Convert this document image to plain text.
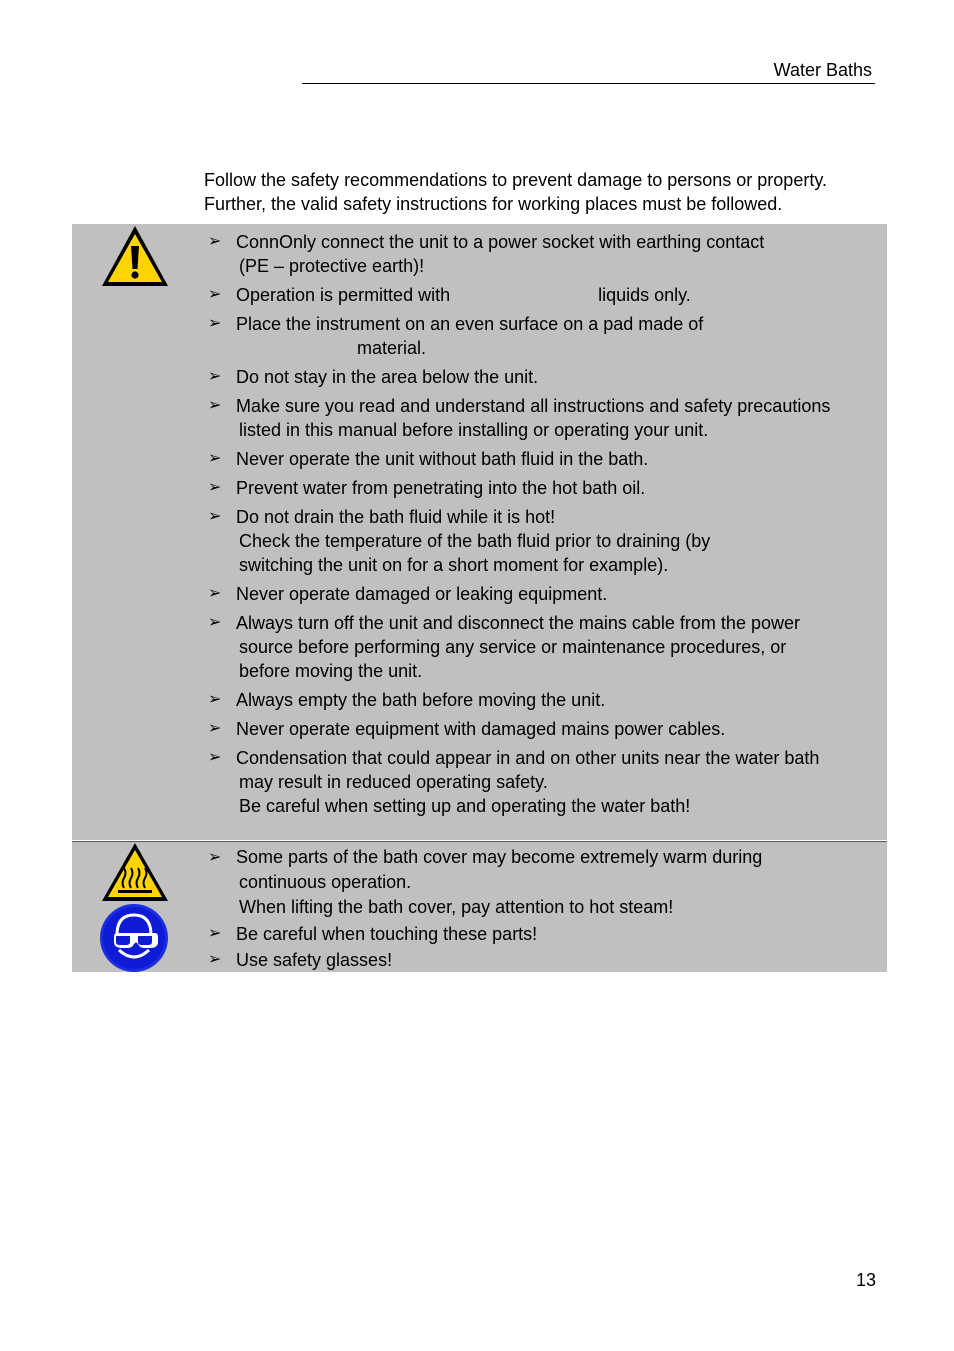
Water Baths
Follow the safety recommendations to prevent damage to persons or property.
Further, the valid safety instructions for working places must be followed.
➢ ConnOnly connect the unit to a power socket with earthing contact
(PE – protective earth)!
➢ Operation is permitted with	liquids only.
➢ Place the instrument on an even surface on a pad made of
material.
➢ Do not stay in the area below the unit.
➢ Make sure you read and understand all instructions and safety precautions
listed in this manual before installing or operating your unit.
➢ Never operate the unit without bath fluid in the bath.
➢ Prevent water from penetrating into the hot bath oil.
➢ Do not drain the bath fluid while it is hot!
Check the temperature of the bath fluid prior to draining (by
switching the unit on for a short moment for example).
➢ Never operate damaged or leaking equipment.
➢ Always turn off the unit and disconnect the mains cable from the power
source before performing any service or maintenance procedures, or
before moving the unit.
➢ Always empty the bath before moving the unit.
➢ Never operate equipment with damaged mains power cables.
➢ Condensation that could appear in and on other units near the water bath
may result in reduced operating safety.
Be careful when setting up and operating the water bath!
➢ Some parts of the bath cover may become extremely warm during
continuous operation.
When lifting the bath cover, pay attention to hot steam!
➢ Be careful when touching these parts!
➢ Use safety glasses!
13
